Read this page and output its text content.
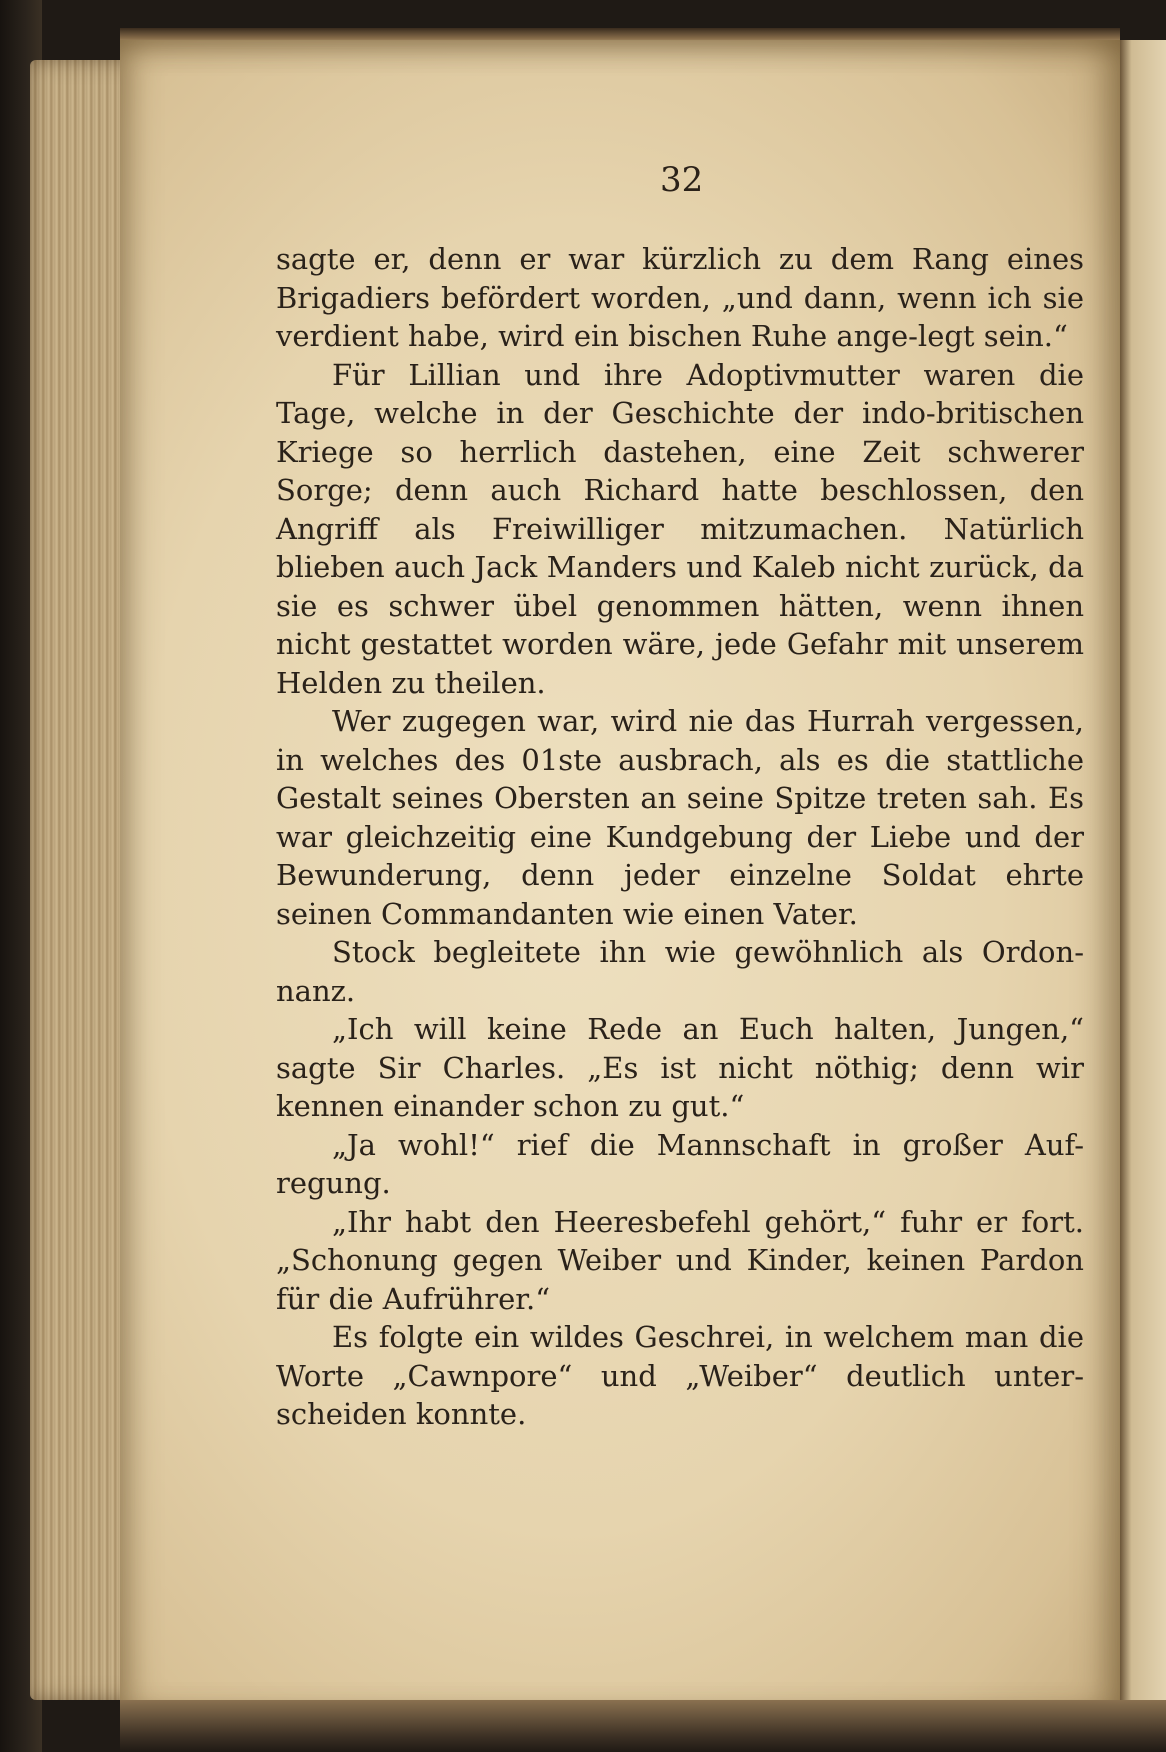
32

sagte er, denn er war kürzlich zu dem Rang eines Brigadiers befördert worden, „und dann, wenn ich sie verdient habe, wird ein bischen Ruhe ange-legt sein.“

Für Lillian und ihre Adoptivmutter waren die Tage, welche in der Geschichte der indo-britischen Kriege so herrlich dastehen, eine Zeit schwerer Sorge; denn auch Richard hatte beschlossen, den Angriff als Freiwilliger mitzumachen. Natürlich blieben auch Jack Manders und Kaleb nicht zurück, da sie es schwer übel genommen hätten, wenn ihnen nicht gestattet worden wäre, jede Gefahr mit unserem Helden zu theilen.

Wer zugegen war, wird nie das Hurrah vergessen, in welches des 01ste ausbrach, als es die stattliche Gestalt seines Obersten an seine Spitze treten sah. Es war gleichzeitig eine Kundgebung der Liebe und der Bewunderung, denn jeder einzelne Soldat ehrte seinen Commandanten wie einen Vater.

Stock begleitete ihn wie gewöhnlich als Ordon-nanz.

„Ich will keine Rede an Euch halten, Jungen,“ sagte Sir Charles. „Es ist nicht nöthig; denn wir kennen einander schon zu gut.“

„Ja wohl!“ rief die Mannschaft in großer Auf-regung.

„Ihr habt den Heeresbefehl gehört,“ fuhr er fort. „Schonung gegen Weiber und Kinder, keinen Pardon für die Aufrührer.“

Es folgte ein wildes Geschrei, in welchem man die Worte „Cawnpore“ und „Weiber“ deutlich unter-scheiden konnte.
